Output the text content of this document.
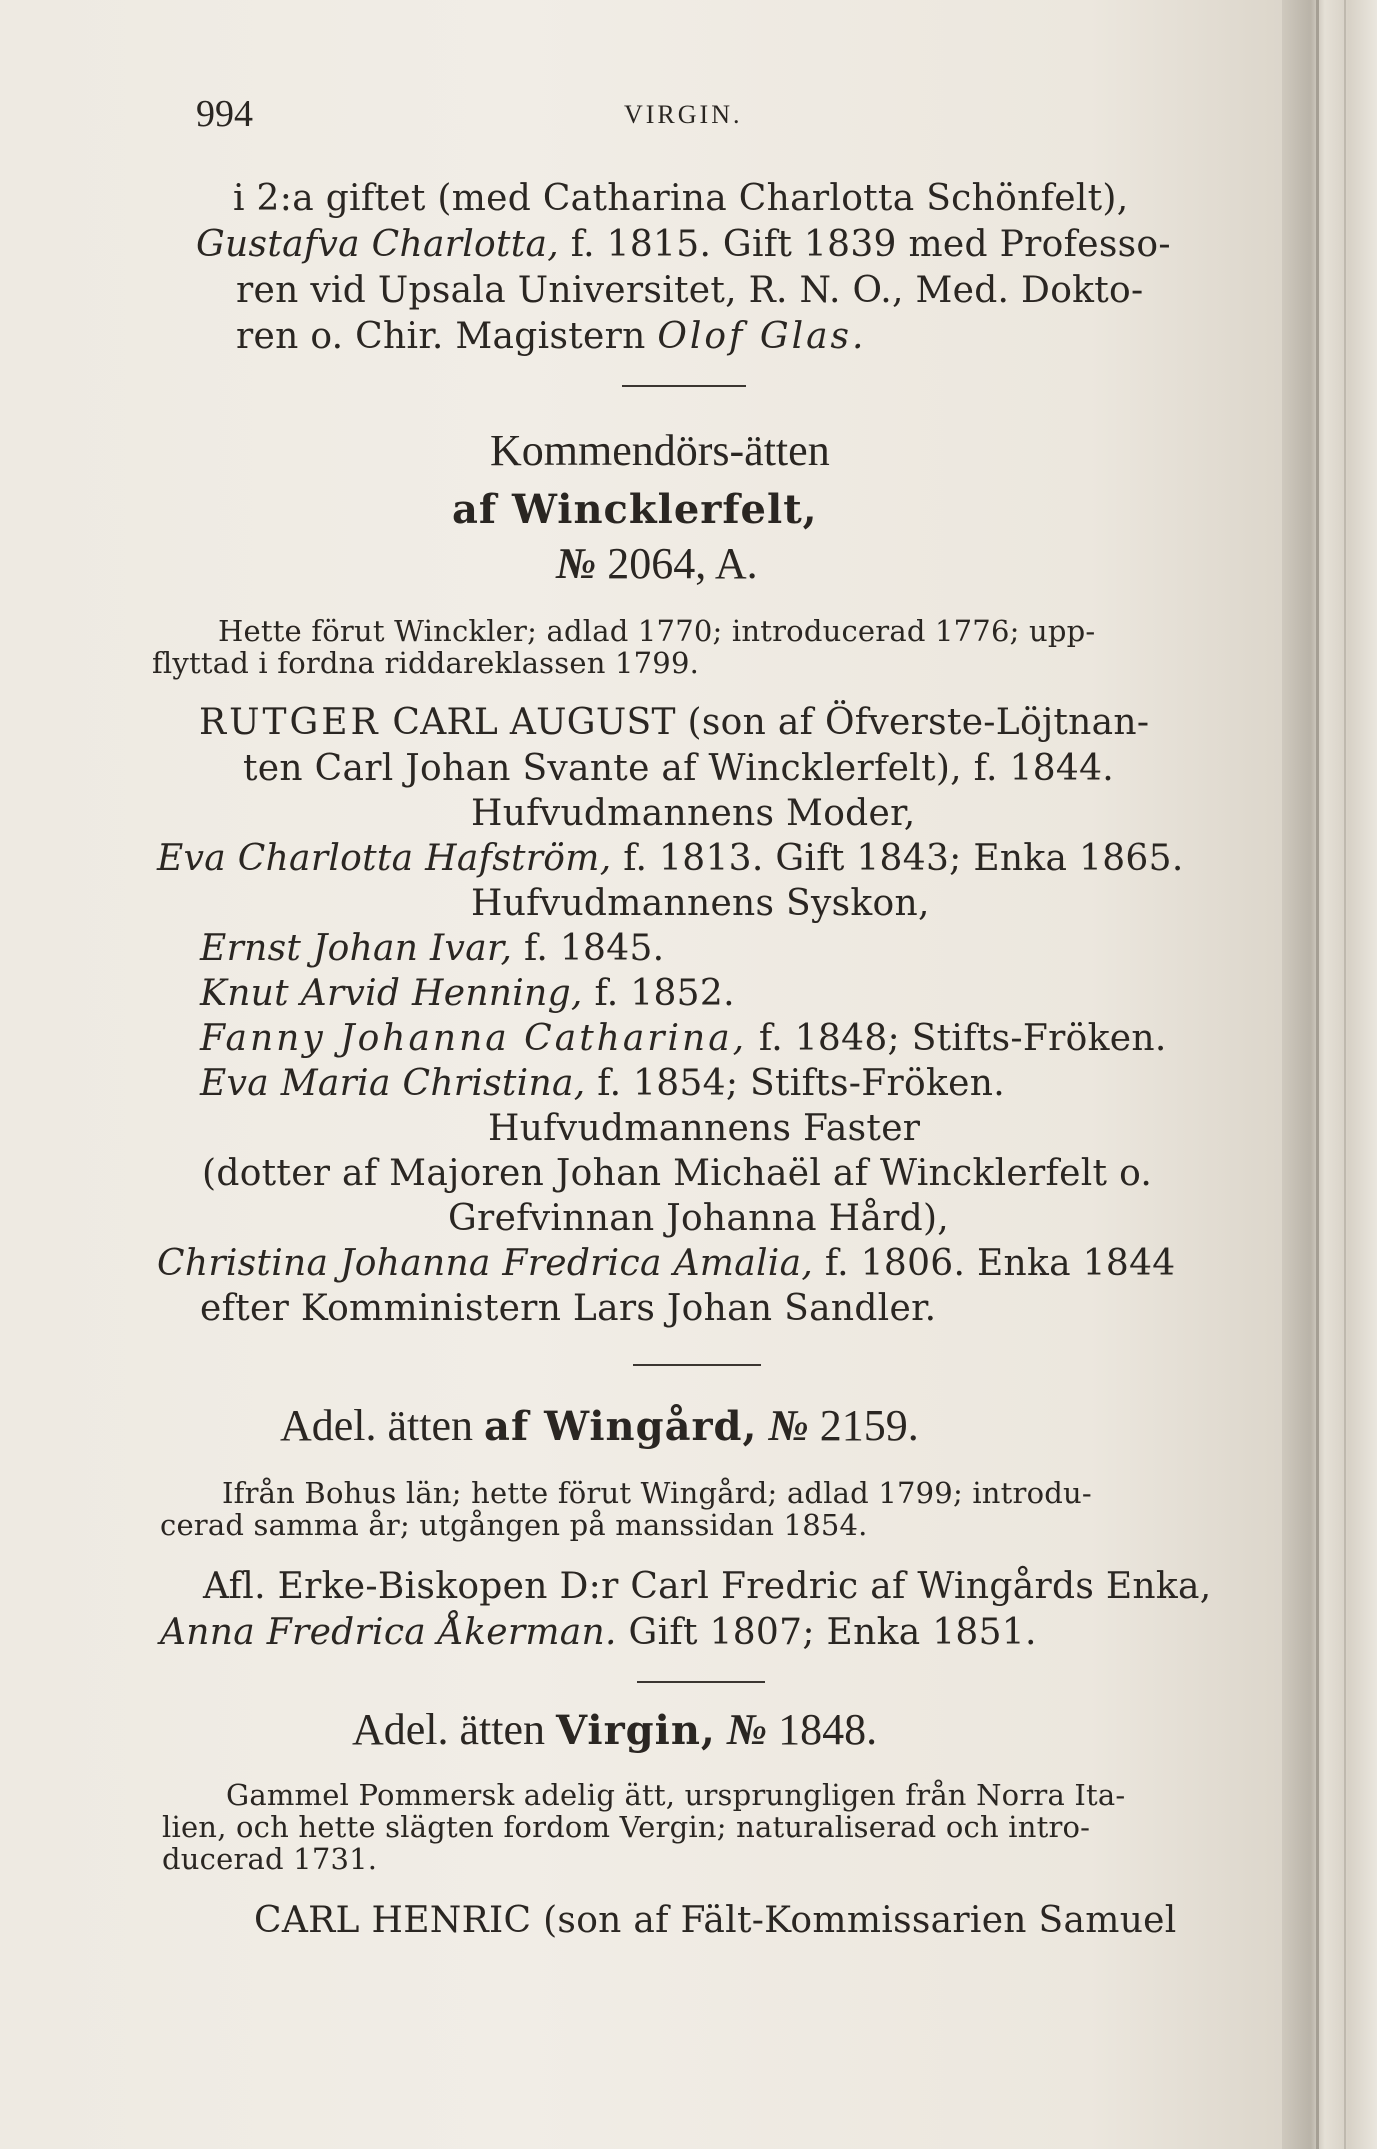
994	VIRGIN.
i 2:a giftet (med Catharina Charlotta Schönfelt),
Gustafva Charlotta, f. 1815. Gift 1839 med Professo-
ren vid Upsala Universitet, R. N. O., Med. Dokto-
ren o. Chir. Magistern Olof Glas.
Kommendörs-ätten
af Wincklerfelt,
№ 2064, A.
Hette förut Winckler; adlad 1770; introducerad 1776; upp-
flyttad i fordna riddareklassen 1799.
RUTGER CARL AUGUST (son af Öfverste-Löjtnan-
ten Carl Johan Svante af Wincklerfelt), f. 1844.
Hufvudmannens Moder,
Eva Charlotta Hafström, f. 1813. Gift 1843; Enka 1865.
Hufvudmannens Syskon,
Ernst Johan Ivar, f. 1845.
Knut Arvid Henning, f. 1852.
Fanny Johanna Catharina, f. 1848; Stifts-Fröken.
Eva Maria Christina, f. 1854; Stifts-Fröken.
Hufvudmannens Faster
(dotter af Majoren Johan Michaël af Wincklerfelt o.
Grefvinnan Johanna Hård),
Christina Johanna Fredrica Amalia, f. 1806. Enka 1844
efter Komministern Lars Johan Sandler.
Adel. ätten af Wingård, № 2159.
Ifrån Bohus län; hette förut Wingård; adlad 1799; introdu-
cerad samma år; utgången på manssidan 1854.
Afl. Erke-Biskopen D:r Carl Fredric af Wingårds Enka,
Anna Fredrica Åkerman. Gift 1807; Enka 1851.
Adel. ätten Virgin, № 1848.
Gammel Pommersk adelig ätt, ursprungligen från Norra Ita-
lien, och hette slägten fordom Vergin; naturaliserad och intro-
ducerad 1731.
CARL HENRIC (son af Fält-Kommissarien Samuel
